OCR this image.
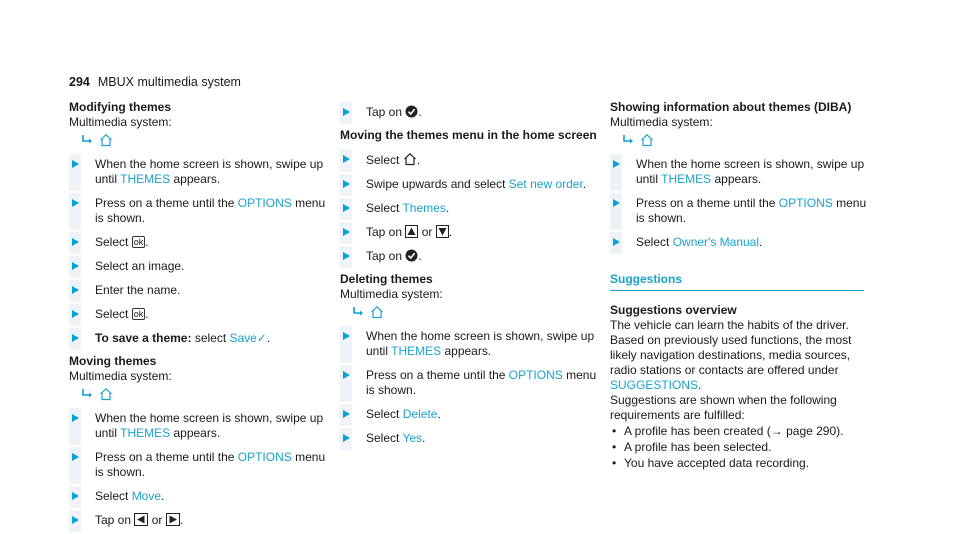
294 MBUX multimedia system

Modifying themes

Multimedia system:

When the home screen is shown, swipe up until THEMES appears.
Press on a theme until the OPTIONS menu is shown.
Select ok .
Select an image.
Enter the name.
Select ok .
To save a theme: select Save✓.

Moving themes

Multimedia system:

When the home screen is shown, swipe up until THEMES appears.
Press on a theme until the OPTIONS menu is shown.
Select Move.
Tap on  or .
Tap on .

Moving the themes menu in the home screen

Select .
Swipe upwards and select Set new order.
Select Themes.
Tap on  or .
Tap on .

Deleting themes

Multimedia system:

When the home screen is shown, swipe up until THEMES appears.
Press on a theme until the OPTIONS menu is shown.
Select Delete.
Select Yes.

Showing information about themes (DIBA)

Multimedia system:

When the home screen is shown, swipe up until THEMES appears.
Press on a theme until the OPTIONS menu is shown.
Select Owner's Manual.
Suggestions

Suggestions overview

The vehicle can learn the habits of the driver. Based on previously used functions, the most likely navigation destinations, media sources, radio stations or contacts are offered under SUGGESTIONS.

Suggestions are shown when the following requirements are fulfilled:

• A profile has been created (→ page 290).
• A profile has been selected.
• You have accepted data recording.
